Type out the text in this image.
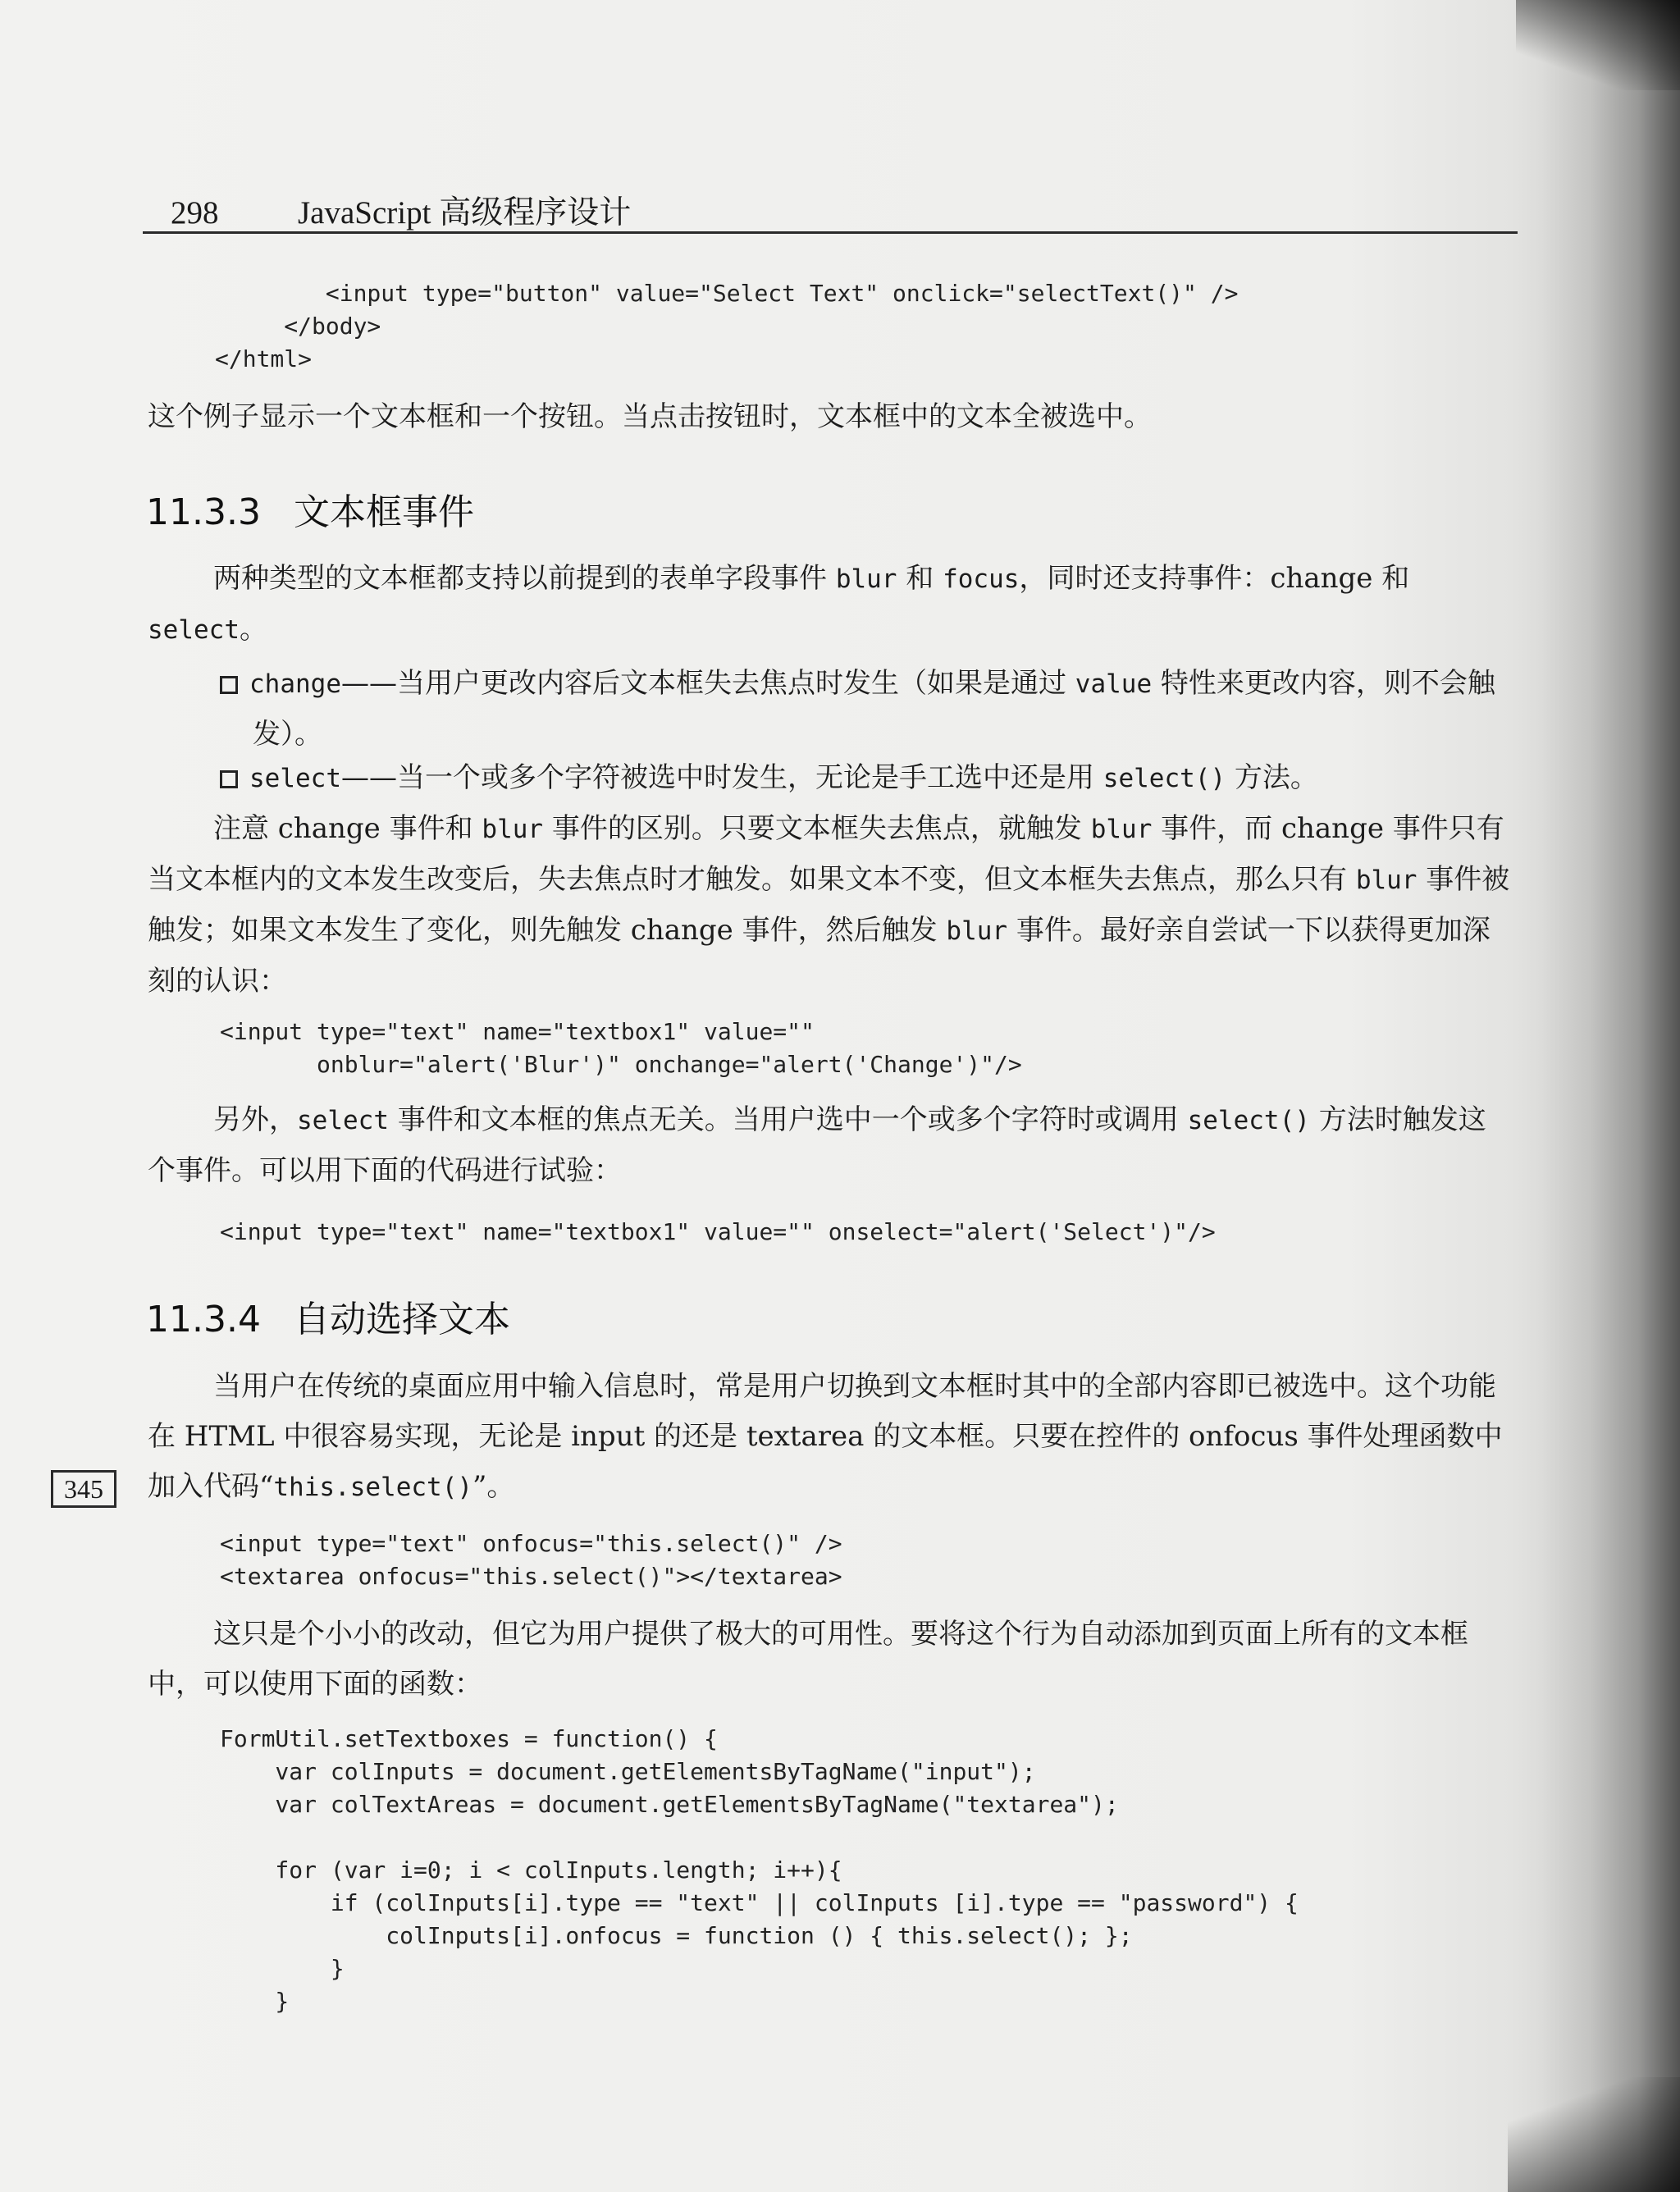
298 JavaScript 高级程序设计
<input type="button" value="Select Text" onclick="selectText()" />
</body>
</html>
这个例子显示一个文本框和一个按钮。当点击按钮时，文本框中的文本全被选中。
11.3.3 文本框事件
两种类型的文本框都支持以前提到的表单字段事件 blur 和 focus，同时还支持事件：change 和 select。
change——当用户更改内容后文本框失去焦点时发生（如果是通过 value 特性来更改内容，则不会触发）。
select——当一个或多个字符被选中时发生，无论是手工选中还是用 select() 方法。
注意 change 事件和 blur 事件的区别。只要文本框失去焦点，就触发 blur 事件，而 change 事件只有当文本框内的文本发生改变后，失去焦点时才触发。如果文本不变，但文本框失去焦点，那么只有 blur 事件被触发；如果文本发生了变化，则先触发 change 事件，然后触发 blur 事件。最好亲自尝试一下以获得更加深刻的认识：
<input type="text" name="textbox1" value=""
onblur="alert('Blur')" onchange="alert('Change')"/>
另外，select 事件和文本框的焦点无关。当用户选中一个或多个字符时或调用 select() 方法时触发这个事件。可以用下面的代码进行试验：
<input type="text" name="textbox1" value="" onselect="alert('Select')"/>
11.3.4 自动选择文本
当用户在传统的桌面应用中输入信息时，常是用户切换到文本框时其中的全部内容即已被选中。这个功能在 HTML 中很容易实现，无论是 input 的还是 textarea 的文本框。只要在控件的 onfocus 事件处理函数中加入代码“this.select()”。
345
<input type="text" onfocus="this.select()" />
<textarea onfocus="this.select()"></textarea>
这只是个小小的改动，但它为用户提供了极大的可用性。要将这个行为自动添加到页面上所有的文本框中，可以使用下面的函数：
FormUtil.setTextboxes = function() {
var colInputs = document.getElementsByTagName("input");
var colTextAreas = document.getElementsByTagName("textarea");

for (var i=0; i < colInputs.length; i++){
if (colInputs[i].type == "text" || colInputs [i].type == "password") {
colInputs[i].onfocus = function () { this.select(); };
}
}
